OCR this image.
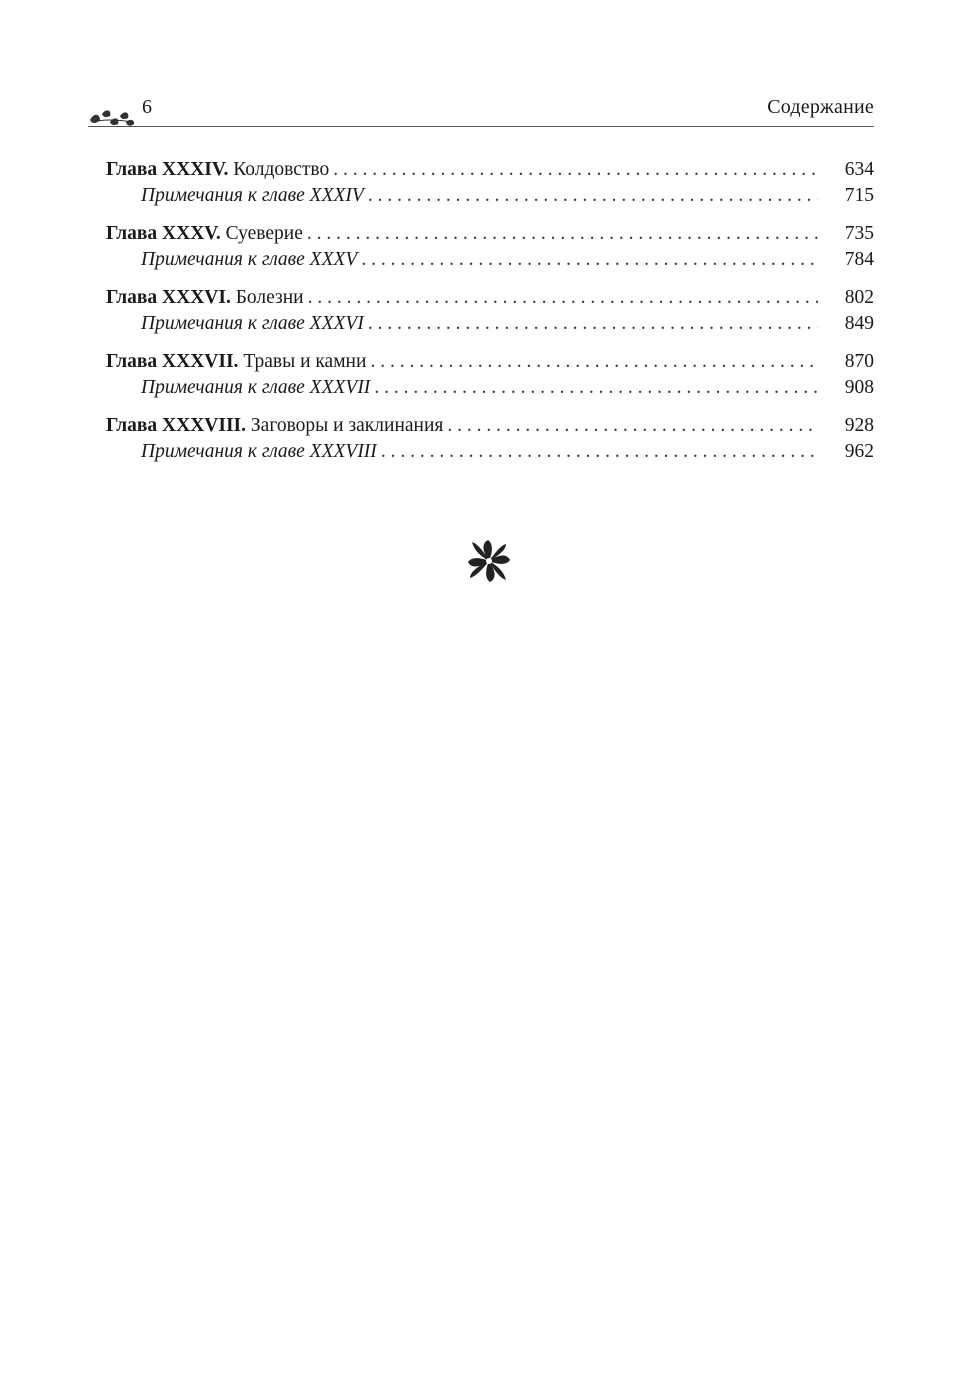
6	Содержание
Глава XXXIV. Колдовство . . .	634
Примечания к главе XXXIV . . .	715
Глава XXXV. Суеверие . . .	735
Примечания к главе XXXV . . .	784
Глава XXXVI. Болезни . . .	802
Примечания к главе XXXVI . . .	849
Глава XXXVII. Травы и камни . . .	870
Примечания к главе XXXVII . . .	908
Глава XXXVIII. Заговоры и заклинания . . .	928
Примечания к главе XXXVIII . . .	962
